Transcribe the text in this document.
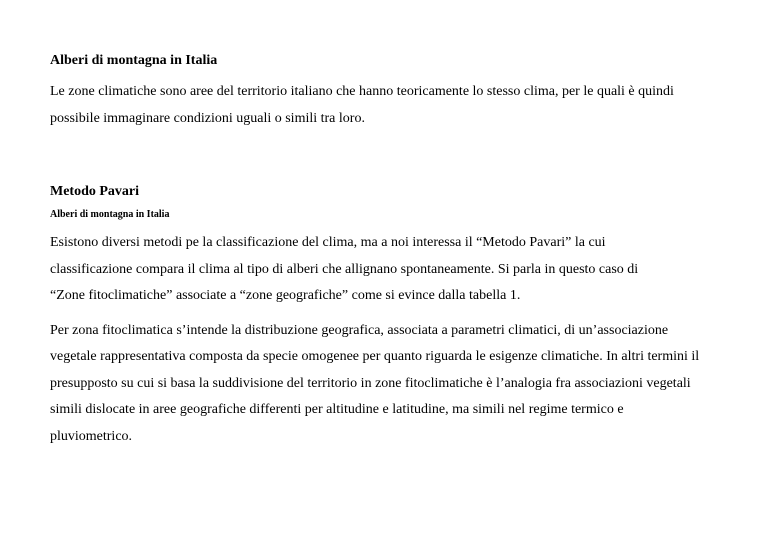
Alberi di montagna in Italia

Le zone climatiche sono aree del territorio italiano che hanno teoricamente lo stesso clima, per le quali è quindi possibile immaginare condizioni uguali o simili tra loro.

Metodo Pavari

Alberi di montagna in Italia

Esistono diversi metodi pe la classificazione del clima, ma a noi interessa il “Metodo Pavari” la cui classificazione compara il clima al tipo di alberi che allignano spontaneamente. Si parla in questo caso di “Zone fitoclimatiche” associate a “zone geografiche” come si evince dalla tabella 1.

Per zona fitoclimatica s’intende la distribuzione geografica, associata a parametri climatici, di un’associazione vegetale rappresentativa composta da specie omogenee per quanto riguarda le esigenze climatiche. In altri termini il presupposto su cui si basa la suddivisione del territorio in zone fitoclimatiche è l’analogia fra associazioni vegetali simili dislocate in aree geografiche differenti per altitudine e latitudine, ma simili nel regime termico e pluviometrico.
